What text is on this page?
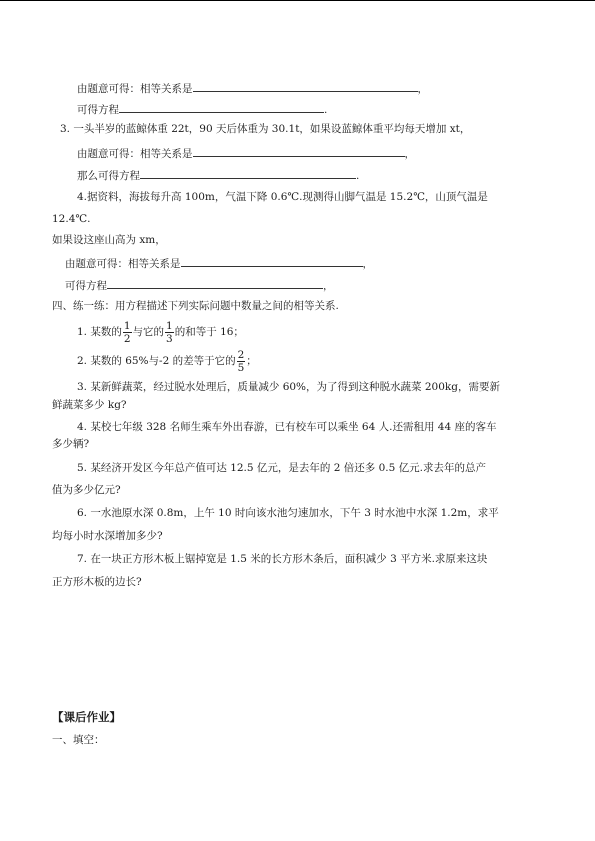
由题意可得：相等关系是	，
可得方程	.
3. 一头半岁的蓝鲸体重 22t，90 天后体重为 30.1t，如果设蓝鲸体重平均每天增加 xt，
由题意可得：相等关系是	，
那么可得方程	.
4.据资料，海拔每升高 100m，气温下降 0.6℃.现测得山脚气温是 15.2℃，山顶气温是
12.4℃.
如果设这座山高为 xm，
由题意可得：相等关系是	，
可得方程	，
四、练一练：用方程描述下列实际问题中数量之间的相等关系.
1. 某数的 $\frac{1}{2}$ 与它的 $\frac{1}{3}$ 的和等于 16；
2. 某数的 65%与-2 的差等于它的 $\frac{2}{5}$ ；
3. 某新鲜蔬菜，经过脱水处理后，质量减少 60%，为了得到这种脱水蔬菜 200kg，需要新
鲜蔬菜多少 kg?
4. 某校七年级 328 名师生乘车外出春游，已有校车可以乘坐 64 人.还需租用 44 座的客车
多少辆?
5. 某经济开发区今年总产值可达 12.5 亿元，是去年的 2 倍还多 0.5 亿元.求去年的总产
值为多少亿元?
6. 一水池原水深 0.8m，上午 10 时向该水池匀速加水，下午 3 时水池中水深 1.2m，求平
均每小时水深增加多少?
7. 在一块正方形木板上锯掉宽是 1.5 米的长方形木条后，面积减少 3 平方米.求原来这块
正方形木板的边长?
【课后作业】
一、填空：
